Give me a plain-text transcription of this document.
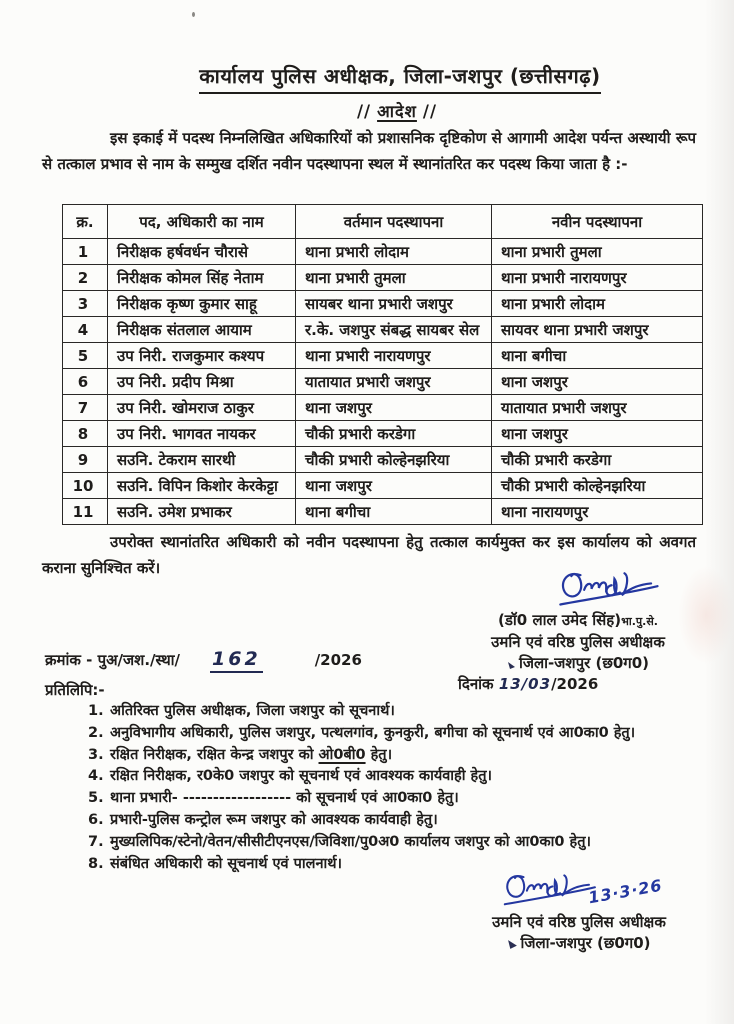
कार्यालय पुलिस अधीक्षक, जिला-जशपुर (छत्तीसगढ़)
// आदेश //

इस इकाई में पदस्थ निम्नलिखित अधिकारियों को प्रशासनिक दृष्टिकोण से आगामी आदेश पर्यन्त अस्थायी रूप से तत्काल प्रभाव से नाम के सम्मुख दर्शित नवीन पदस्थापना स्थल में स्थानांतरित कर पदस्थ किया जाता है :-

क्र.	पद, अधिकारी का नाम	वर्तमान पदस्थापना	नवीन पदस्थापना
1	निरीक्षक हर्षवर्धन चौरासे	थाना प्रभारी लोदाम	थाना प्रभारी तुमला
2	निरीक्षक कोमल सिंह नेताम	थाना प्रभारी तुमला	थाना प्रभारी नारायणपुर
3	निरीक्षक कृष्ण कुमार साहू	सायबर थाना प्रभारी जशपुर	थाना प्रभारी लोदाम
4	निरीक्षक संतलाल आयाम	र.के. जशपुर संबद्ध सायबर सेल	सायवर थाना प्रभारी जशपुर
5	उप निरी. राजकुमार कश्यप	थाना प्रभारी नारायणपुर	थाना बगीचा
6	उप निरी. प्रदीप मिश्रा	यातायात प्रभारी जशपुर	थाना जशपुर
7	उप निरी. खोमराज ठाकुर	थाना जशपुर	यातायात प्रभारी जशपुर
8	उप निरी. भागवत नायकर	चौकी प्रभारी करडेगा	थाना जशपुर
9	सउनि. टेकराम सारथी	चौकी प्रभारी कोल्हेनझरिया	चौकी प्रभारी करडेगा
10	सउनि. विपिन किशोर केरकेट्टा	थाना जशपुर	चौकी प्रभारी कोल्हेनझरिया
11	सउनि. उमेश प्रभाकर	थाना बगीचा	थाना नारायणपुर

उपरोक्त स्थानांतरित अधिकारी को नवीन पदस्थापना हेतु तत्काल कार्यमुक्त कर इस कार्यालय को अवगत कराना सुनिश्चित करें।

(डॉ0 लाल उमेद सिंह)भा.पु.से.
उमनि एवं वरिष्ठ पुलिस अधीक्षक
जिला-जशपुर (छ0ग0)
दिनांक 13/03/2026
क्रमांक - पुअ/जश./स्था/ 162	/2026
प्रतिलिपि:-
1. अतिरिक्त पुलिस अधीक्षक, जिला जशपुर को सूचनार्थ।
2. अनुविभागीय अधिकारी, पुलिस जशपुर, पत्थलगांव, कुनकुरी, बगीचा को सूचनार्थ एवं आ0का0 हेतु।
3. रक्षित निरीक्षक, रक्षित केन्द्र जशपुर को ओ0बी0 हेतु।
4. रक्षित निरीक्षक, र0के0 जशपुर को सूचनार्थ एवं आवश्यक कार्यवाही हेतु।
5. थाना प्रभारी- ------------------ को सूचनार्थ एवं आ0का0 हेतु।
6. प्रभारी-पुलिस कन्ट्रोल रूम जशपुर को आवश्यक कार्यवाही हेतु।
7. मुख्यलिपिक/स्टेनो/वेतन/सीसीटीएनएस/जिविशा/पु0अ0 कार्यालय जशपुर को आ0का0 हेतु।
8. संबंधित अधिकारी को सूचनार्थ एवं पालनार्थ।
13·3·26
उमनि एवं वरिष्ठ पुलिस अधीक्षक
जिला-जशपुर (छ0ग0)
